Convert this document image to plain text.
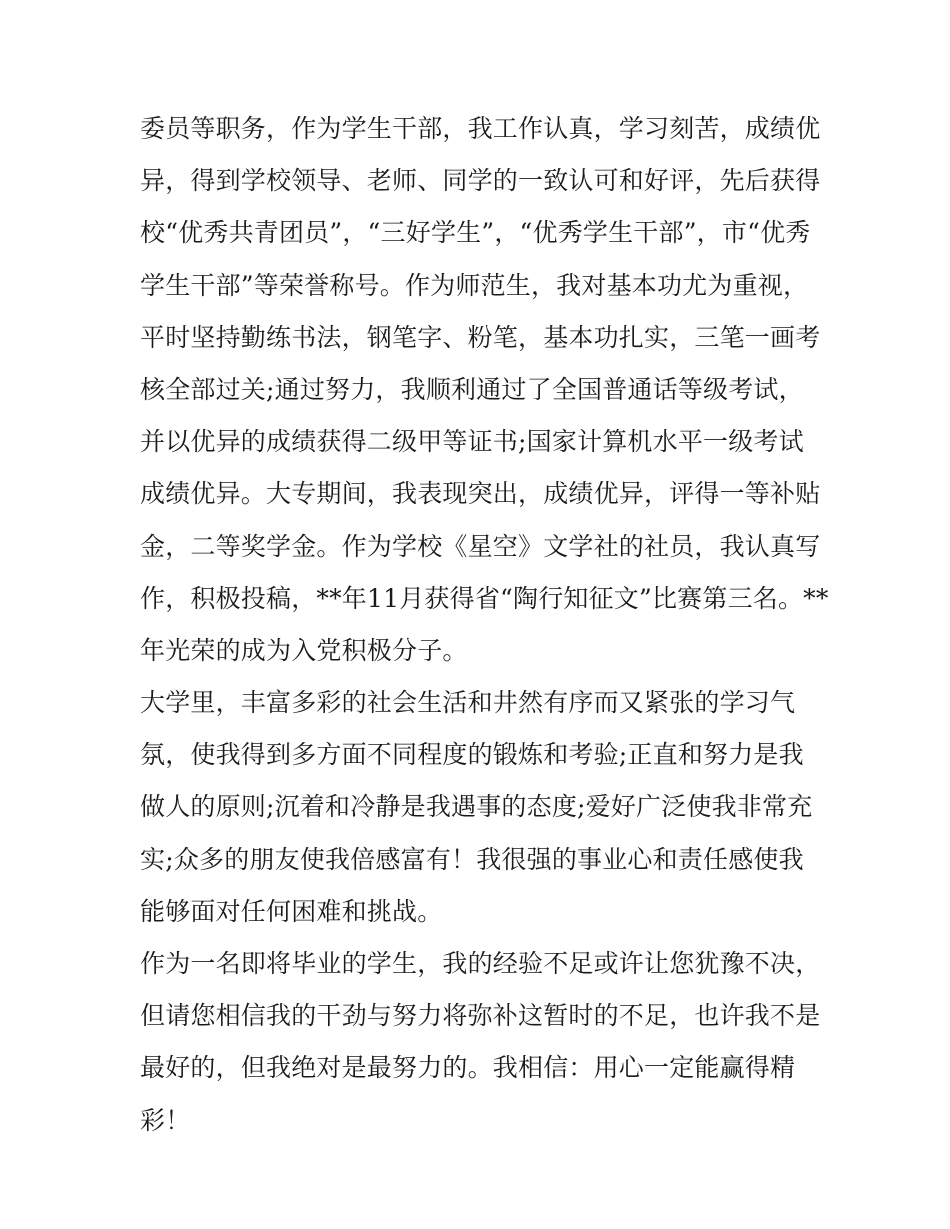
委员等职务，作为学生干部，我工作认真，学习刻苦，成绩优
异，得到学校领导、老师、同学的一致认可和好评，先后获得
校“优秀共青团员”，“三好学生”，“优秀学生干部”，市“优秀
学生干部”等荣誉称号。作为师范生，我对基本功尤为重视，
平时坚持勤练书法，钢笔字、粉笔，基本功扎实，三笔一画考
核全部过关;通过努力，我顺利通过了全国普通话等级考试，
并以优异的成绩获得二级甲等证书;国家计算机水平一级考试
成绩优异。大专期间，我表现突出，成绩优异，评得一等补贴
金，二等奖学金。作为学校《星空》文学社的社员，我认真写
作，积极投稿，**年11月获得省“陶行知征文”比赛第三名。**
年光荣的成为入党积极分子。
大学里，丰富多彩的社会生活和井然有序而又紧张的学习气
氛，使我得到多方面不同程度的锻炼和考验;正直和努力是我
做人的原则;沉着和冷静是我遇事的态度;爱好广泛使我非常充
实;众多的朋友使我倍感富有！我很强的事业心和责任感使我
能够面对任何困难和挑战。
作为一名即将毕业的学生，我的经验不足或许让您犹豫不决，
但请您相信我的干劲与努力将弥补这暂时的不足，也许我不是
最好的，但我绝对是最努力的。我相信：用心一定能赢得精
彩！
